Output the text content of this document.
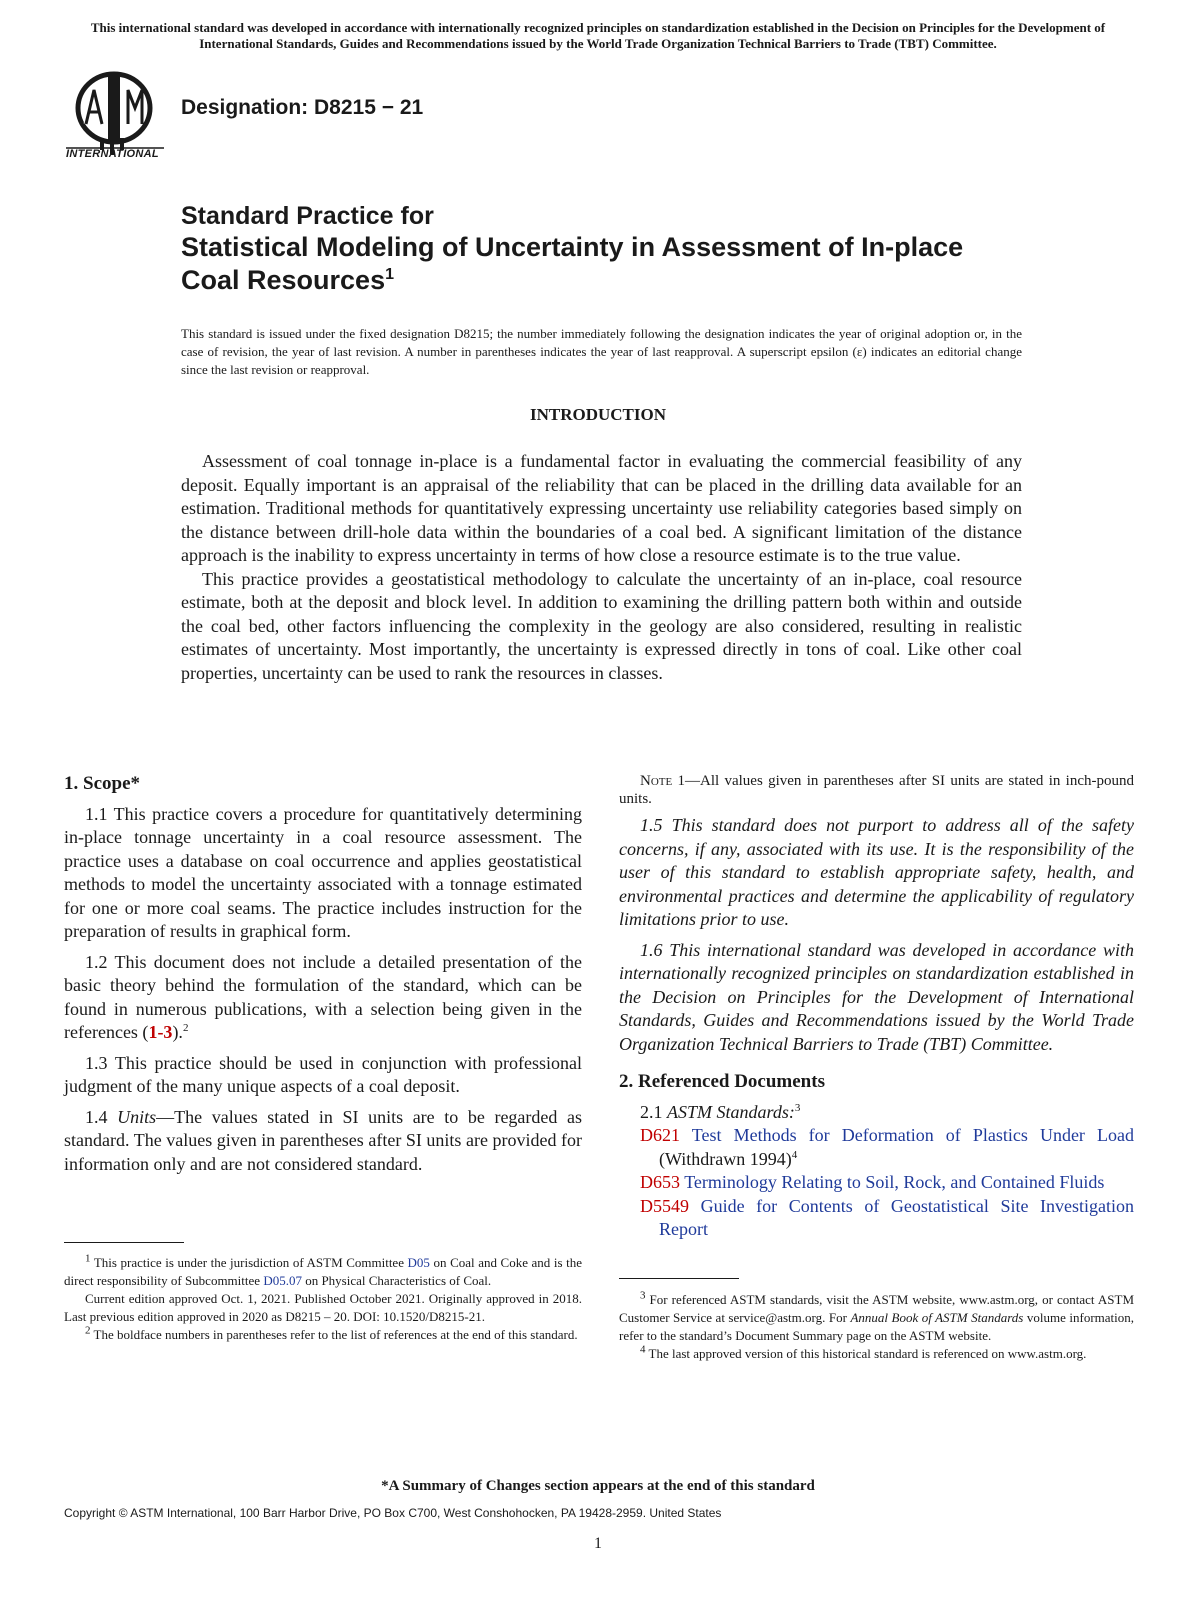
This international standard was developed in accordance with internationally recognized principles on standardization established in the Decision on Principles for the Development of International Standards, Guides and Recommendations issued by the World Trade Organization Technical Barriers to Trade (TBT) Committee.
INTERNATIONAL
Designation: D8215 − 21
Standard Practice for
Statistical Modeling of Uncertainty in Assessment of In-place Coal Resources$^1$
This standard is issued under the fixed designation D8215; the number immediately following the designation indicates the year of original adoption or, in the case of revision, the year of last revision. A number in parentheses indicates the year of last reapproval. A superscript epsilon (ε) indicates an editorial change since the last revision or reapproval.
INTRODUCTION

Assessment of coal tonnage in-place is a fundamental factor in evaluating the commercial feasibility of any deposit. Equally important is an appraisal of the reliability that can be placed in the drilling data available for an estimation. Traditional methods for quantitatively expressing uncertainty use reliability categories based simply on the distance between drill-hole data within the boundaries of a coal bed. A significant limitation of the distance approach is the inability to express uncertainty in terms of how close a resource estimate is to the true value.

This practice provides a geostatistical methodology to calculate the uncertainty of an in-place, coal resource estimate, both at the deposit and block level. In addition to examining the drilling pattern both within and outside the coal bed, other factors influencing the complexity in the geology are also considered, resulting in realistic estimates of uncertainty. Most importantly, the uncertainty is expressed directly in tons of coal. Like other coal properties, uncertainty can be used to rank the resources in classes.

1. Scope*

1.1 This practice covers a procedure for quantitatively determining in-place tonnage uncertainty in a coal resource assessment. The practice uses a database on coal occurrence and applies geostatistical methods to model the uncertainty associated with a tonnage estimated for one or more coal seams. The practice includes instruction for the preparation of results in graphical form.

1.2 This document does not include a detailed presentation of the basic theory behind the formulation of the standard, which can be found in numerous publications, with a selection being given in the references (1-3).$^2$

1.3 This practice should be used in conjunction with professional judgment of the many unique aspects of a coal deposit.

1.4 Units—The values stated in SI units are to be regarded as standard. The values given in parentheses after SI units are provided for information only and are not considered standard.

$^1$ This practice is under the jurisdiction of ASTM Committee D05 on Coal and Coke and is the direct responsibility of Subcommittee D05.07 on Physical Characteristics of Coal.

Current edition approved Oct. 1, 2021. Published October 2021. Originally approved in 2018. Last previous edition approved in 2020 as D8215 – 20. DOI: 10.1520/D8215-21.

$^2$ The boldface numbers in parentheses refer to the list of references at the end of this standard.

Note 1—All values given in parentheses after SI units are stated in inch-pound units.

1.5 This standard does not purport to address all of the safety concerns, if any, associated with its use. It is the responsibility of the user of this standard to establish appropriate safety, health, and environmental practices and determine the applicability of regulatory limitations prior to use.

1.6 This international standard was developed in accordance with internationally recognized principles on standardization established in the Decision on Principles for the Development of International Standards, Guides and Recommendations issued by the World Trade Organization Technical Barriers to Trade (TBT) Committee.

2. Referenced Documents

2.1 ASTM Standards:$^3$

D621 Test Methods for Deformation of Plastics Under Load (Withdrawn 1994)$^4$
D653 Terminology Relating to Soil, Rock, and Contained Fluids
D5549 Guide for Contents of Geostatistical Site Investigation Report

$^3$ For referenced ASTM standards, visit the ASTM website, www.astm.org, or contact ASTM Customer Service at service@astm.org. For Annual Book of ASTM Standards volume information, refer to the standard’s Document Summary page on the ASTM website.

$^4$ The last approved version of this historical standard is referenced on www.astm.org.

*A Summary of Changes section appears at the end of this standard
Copyright © ASTM International, 100 Barr Harbor Drive, PO Box C700, West Conshohocken, PA 19428-2959. United States
1
